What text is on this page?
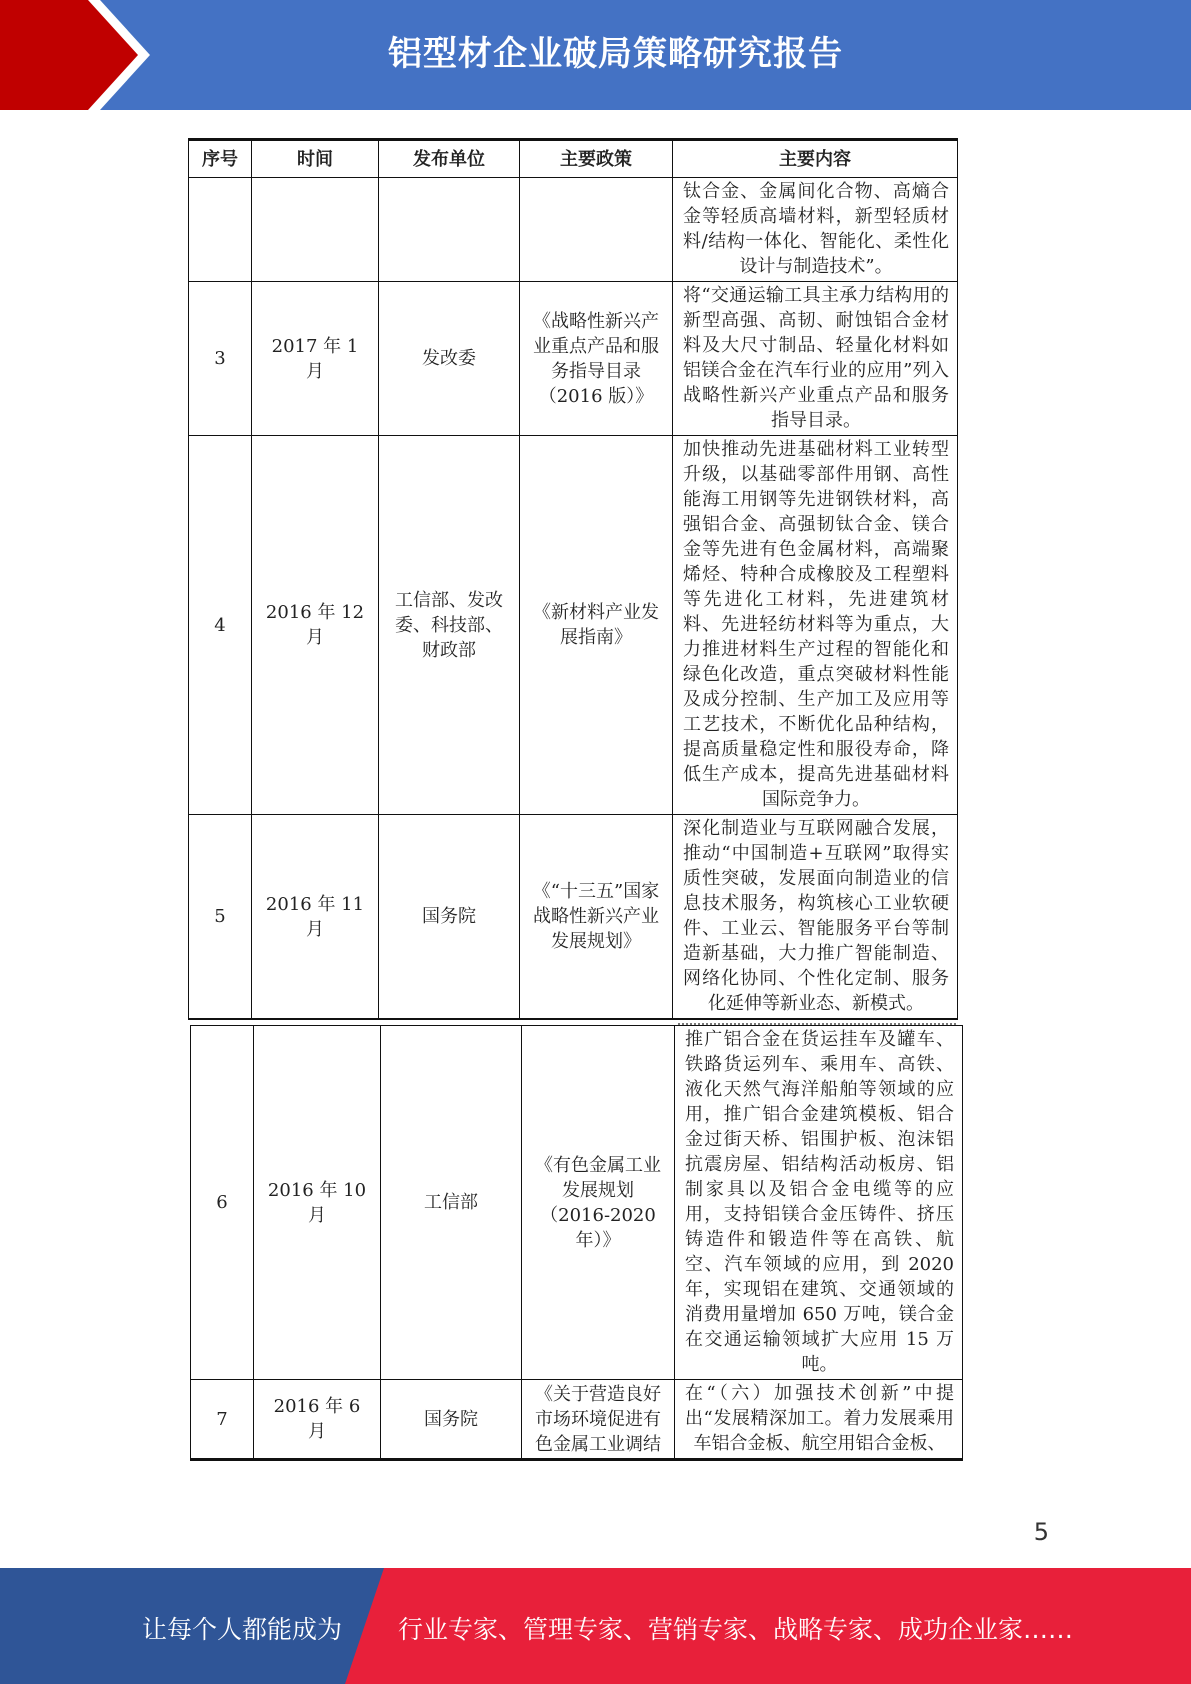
铝型材企业破局策略研究报告
序号	时间	发布单位	主要政策	主要内容
				钛合金、金属间化合物、高熵合金等轻质高墙材料，新型轻质材料/结构一体化、智能化、柔性化设计与制造技术”。
3	2017 年 1 月	发改委	《战略性新兴产业重点产品和服务指导目录（2016 版）》	将“交通运输工具主承力结构用的新型高强、高韧、耐蚀铝合金材料及大尺寸制品、轻量化材料如铝镁合金在汽车行业的应用”列入战略性新兴产业重点产品和服务指导目录。
4	2016 年 12 月	工信部、发改委、科技部、财政部	《新材料产业发展指南》	加快推动先进基础材料工业转型升级，以基础零部件用钢、高性能海工用钢等先进钢铁材料，高强铝合金、高强韧钛合金、镁合金等先进有色金属材料，高端聚烯烃、特种合成橡胶及工程塑料等先进化工材料，先进建筑材料、先进轻纺材料等为重点，大力推进材料生产过程的智能化和绿色化改造，重点突破材料性能及成分控制、生产加工及应用等工艺技术，不断优化品种结构，提高质量稳定性和服役寿命，降低生产成本，提高先进基础材料国际竞争力。
5	2016 年 11 月	国务院	《“十三五”国家战略性新兴产业发展规划》	深化制造业与互联网融合发展，推动“中国制造+互联网”取得实质性突破，发展面向制造业的信息技术服务，构筑核心工业软硬件、工业云、智能服务平台等制造新基础，大力推广智能制造、网络化协同、个性化定制、服务化延伸等新业态、新模式。
6	2016 年 10 月	工信部	《有色金属工业发展规划（2016-2020 年）》	推广铝合金在货运挂车及罐车、铁路货运列车、乘用车、高铁、液化天然气海洋船舶等领域的应用，推广铝合金建筑模板、铝合金过街天桥、铝围护板、泡沫铝抗震房屋、铝结构活动板房、铝制家具以及铝合金电缆等的应用，支持铝镁合金压铸件、挤压铸造件和锻造件等在高铁、航空、汽车领域的应用，到 2020 年，实现铝在建筑、交通领域的消费用量增加 650 万吨，镁合金在交通运输领域扩大应用 15 万吨。
7	2016 年 6 月	国务院	《关于营造良好市场环境促进有色金属工业调结	在“（六）加强技术创新”中提出“发展精深加工。着力发展乘用车铝合金板、航空用铝合金板、
5
让每个人都能成为 行业专家、管理专家、营销专家、战略专家、成功企业家……
